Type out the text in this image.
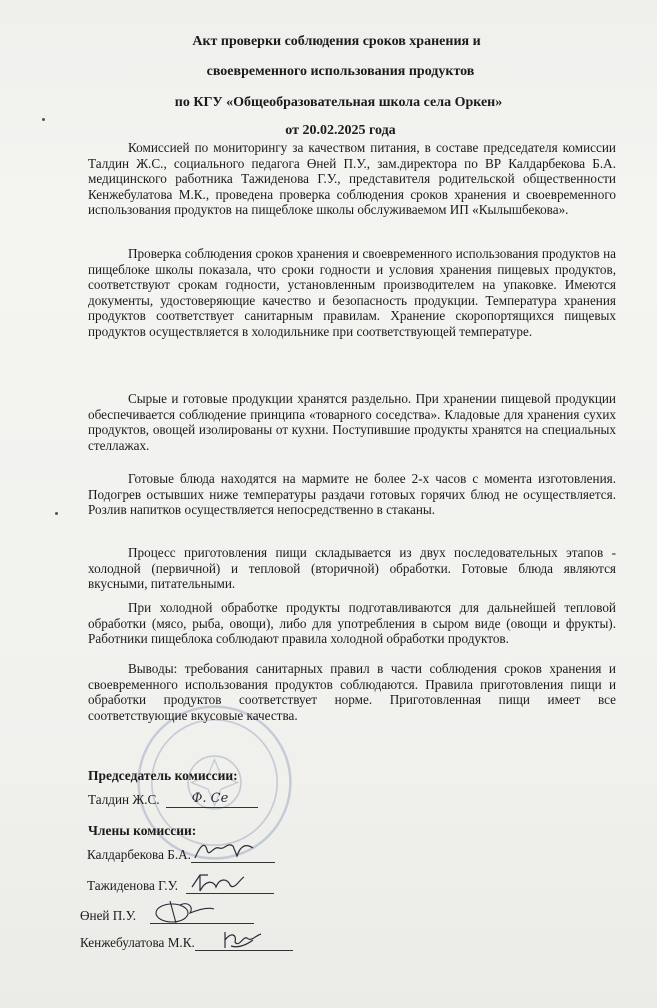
Акт проверки соблюдения сроков хранения и
своевременного использования продуктов
по КГУ «Общеобразовательная школа села Оркен»
от 20.02.2025 года
Комиссией по мониторингу за качеством питания, в составе председателя комиссии Талдин Ж.С., социального педагога Өней П.У., зам.директора по ВР Калдарбекова Б.А. медицинского работника Тажиденова Г.У., представителя родительской общественности Кенжебулатова М.К., проведена проверка соблюдения сроков хранения и своевременного использования продуктов на пищеблоке школы обслуживаемом ИП «Кылышбекова».
Проверка соблюдения сроков хранения и своевременного использования продуктов на пищеблоке школы показала, что сроки годности и условия хранения пищевых продуктов, соответствуют срокам годности, установленным производителем на упаковке. Имеются документы, удостоверяющие качество и безопасность продукции. Температура хранения продуктов соответствует санитарным правилам. Хранение скоропортящихся пищевых продуктов осуществляется в холодильнике при соответствующей температуре.
Сырые и готовые продукции хранятся раздельно. При хранении пищевой продукции обеспечивается соблюдение принципа «товарного соседства». Кладовые для хранения сухих продуктов, овощей изолированы от кухни. Поступившие продукты хранятся на специальных стеллажах.
Готовые блюда находятся на мармите не более 2-х часов с момента изготовления. Подогрев остывших ниже температуры раздачи готовых горячих блюд не осуществляется. Розлив напитков осуществляется непосредственно в стаканы.
Процесс приготовления пищи складывается из двух последовательных этапов - холодной (первичной) и тепловой (вторичной) обработки. Готовые блюда являются вкусными, питательными.
При холодной обработке продукты подготавливаются для дальнейшей тепловой обработки (мясо, рыба, овощи), либо для употребления в сыром виде (овощи и фрукты). Работники пищеблока соблюдают правила холодной обработки продуктов.
Выводы: требования санитарных правил в части соблюдения сроков хранения и своевременного использования продуктов соблюдаются. Правила приготовления пищи и обработки продуктов соответствует норме. Приготовленная пищи имеет все соответствующие вкусовые качества.
Председатель комиссии:
Талдин Ж.С. Ф. Се
Члены комиссии:
Калдарбекова Б.А.
Тажиденова Г.У.
Өней П.У.
Кенжебулатова М.К.
